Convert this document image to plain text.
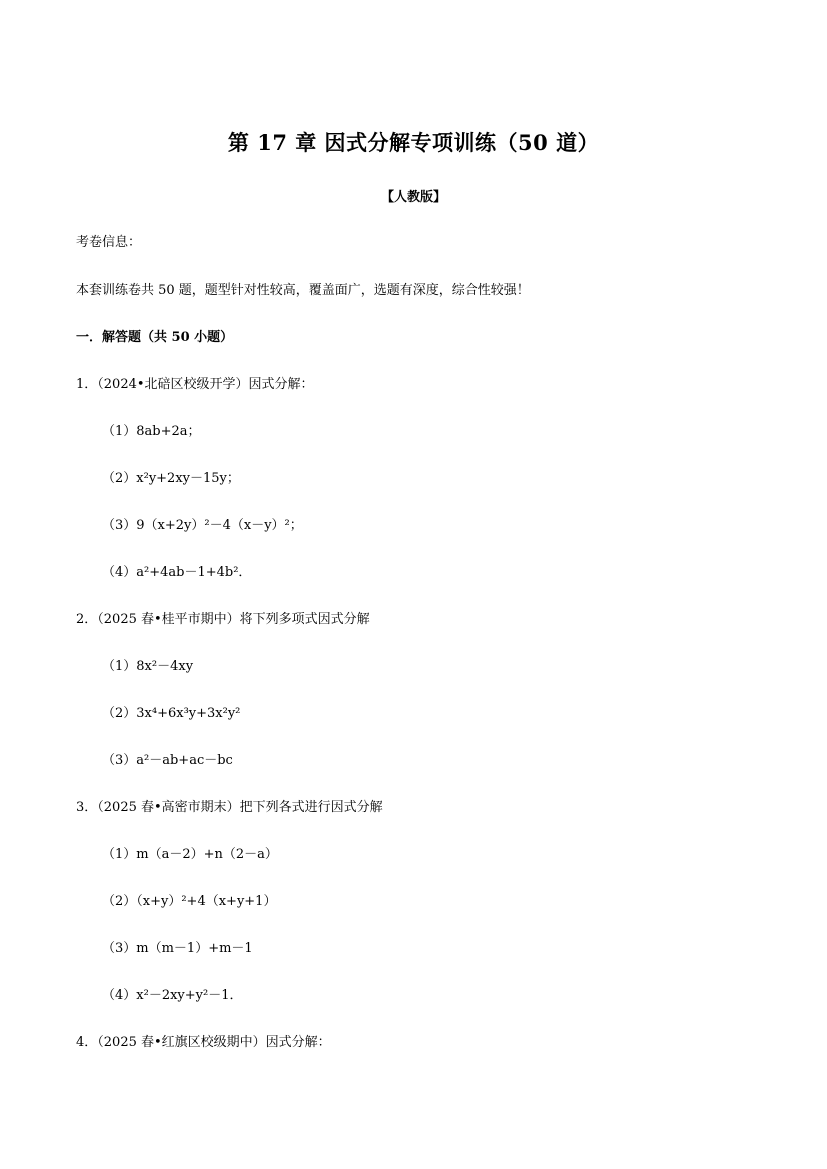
第 17 章 因式分解专项训练（50 道）
【人教版】
考卷信息：
本套训练卷共 50 题，题型针对性较高，覆盖面广，选题有深度，综合性较强！
一．解答题（共 50 小题）
1．（2024•北碚区校级开学）因式分解：
（1）8ab+2a；
（2）x²y+2xy－15y；
（3）9（x+2y）²－4（x－y）²；
（4）a²+4ab－1+4b²．
2．（2025 春•桂平市期中）将下列多项式因式分解
（1）8x²－4xy
（2）3x⁴+6x³y+3x²y²
（3）a²－ab+ac－bc
3．（2025 春•高密市期末）把下列各式进行因式分解
（1）m（a－2）+n（2－a）
（2）（x+y）²+4（x+y+1）
（3）m（m－1）+m－1
（4）x²－2xy+y²－1．
4．（2025 春•红旗区校级期中）因式分解：
